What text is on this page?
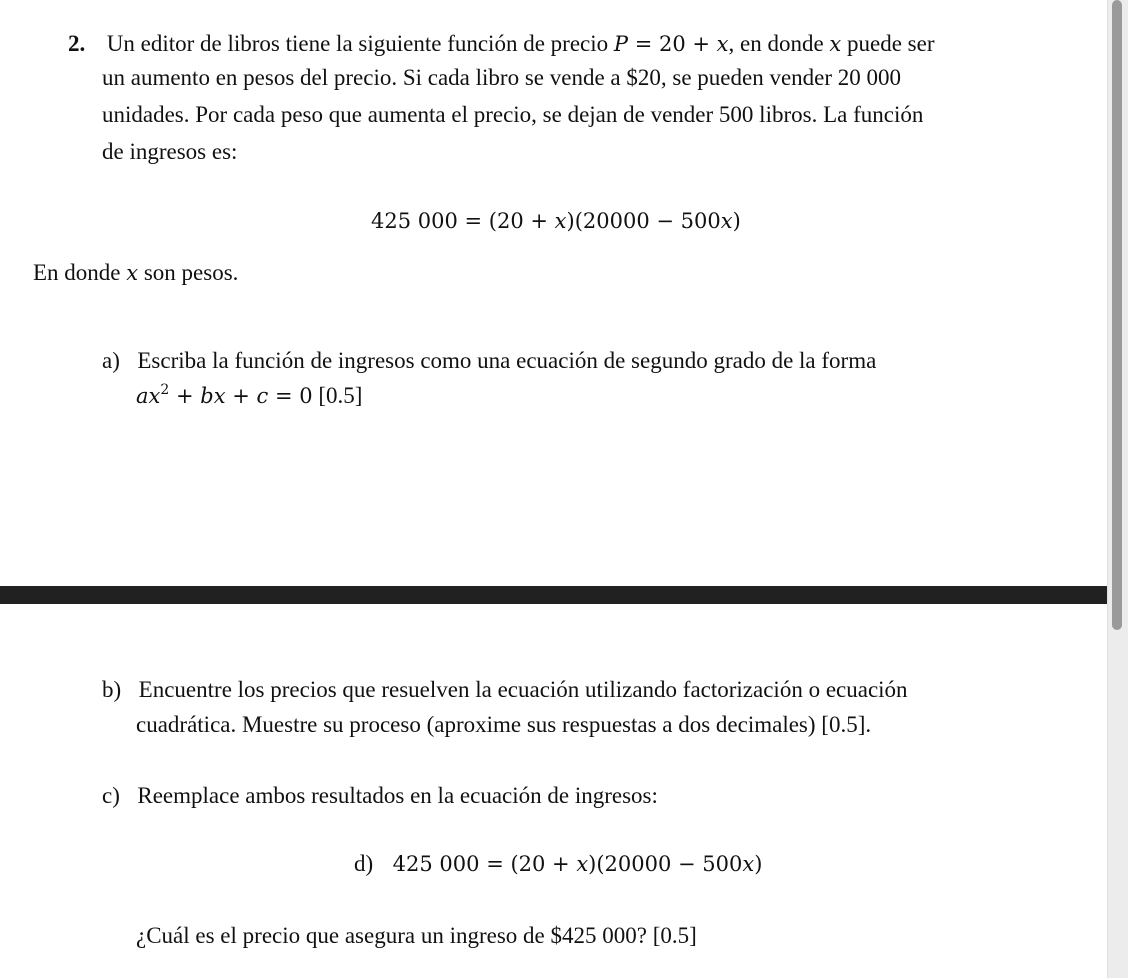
2. Un editor de libros tiene la siguiente función de precio P = 20 + x, en donde x puede ser
un aumento en pesos del precio. Si cada libro se vende a $20, se pueden vender 20 000
unidades. Por cada peso que aumenta el precio, se dejan de vender 500 libros. La función
de ingresos es:
425 000 = (20 + x)(20000 − 500x)
En donde x son pesos.
a) Escriba la función de ingresos como una ecuación de segundo grado de la forma
$ax^2$ + bx + c = 0 [0.5]
b) Encuentre los precios que resuelven la ecuación utilizando factorización o ecuación
cuadrática. Muestre su proceso (aproxime sus respuestas a dos decimales) [0.5].
c) Reemplace ambos resultados en la ecuación de ingresos:
d) 425 000 = (20 + x)(20000 − 500x)
¿Cuál es el precio que asegura un ingreso de $425 000? [0.5]
